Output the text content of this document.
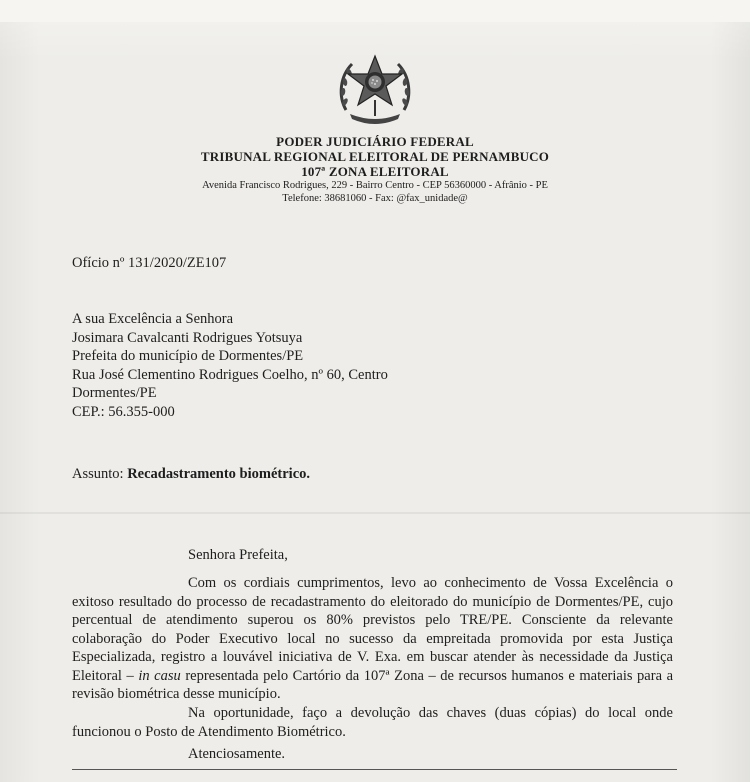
PODER JUDICIÁRIO FEDERAL
TRIBUNAL REGIONAL ELEITORAL DE PERNAMBUCO
107ª ZONA ELEITORAL
Avenida Francisco Rodrigues, 229 - Bairro Centro - CEP 56360000 - Afrânio - PE
Telefone: 38681060 - Fax: @fax_unidade@
Ofício nº 131/2020/ZE107
A sua Excelência a Senhora
Josimara Cavalcanti Rodrigues Yotsuya
Prefeita do município de Dormentes/PE
Rua José Clementino Rodrigues Coelho, nº 60, Centro
Dormentes/PE
CEP.: 56.355-000
Assunto: Recadastramento biométrico.
Senhora Prefeita,
Com os cordiais cumprimentos, levo ao conhecimento de Vossa Excelência o exitoso resultado do processo de recadastramento do eleitorado do município de Dormentes/PE, cujo percentual de atendimento superou os 80% previstos pelo TRE/PE. Consciente da relevante colaboração do Poder Executivo local no sucesso da empreitada promovida por esta Justiça Especializada, registro a louvável iniciativa de V. Exa. em buscar atender às necessidade da Justiça Eleitoral – in casu representada pelo Cartório da 107ª Zona – de recursos humanos e materiais para a revisão biométrica desse município.
Na oportunidade, faço a devolução das chaves (duas cópias) do local onde funcionou o Posto de Atendimento Biométrico.
Atenciosamente.
